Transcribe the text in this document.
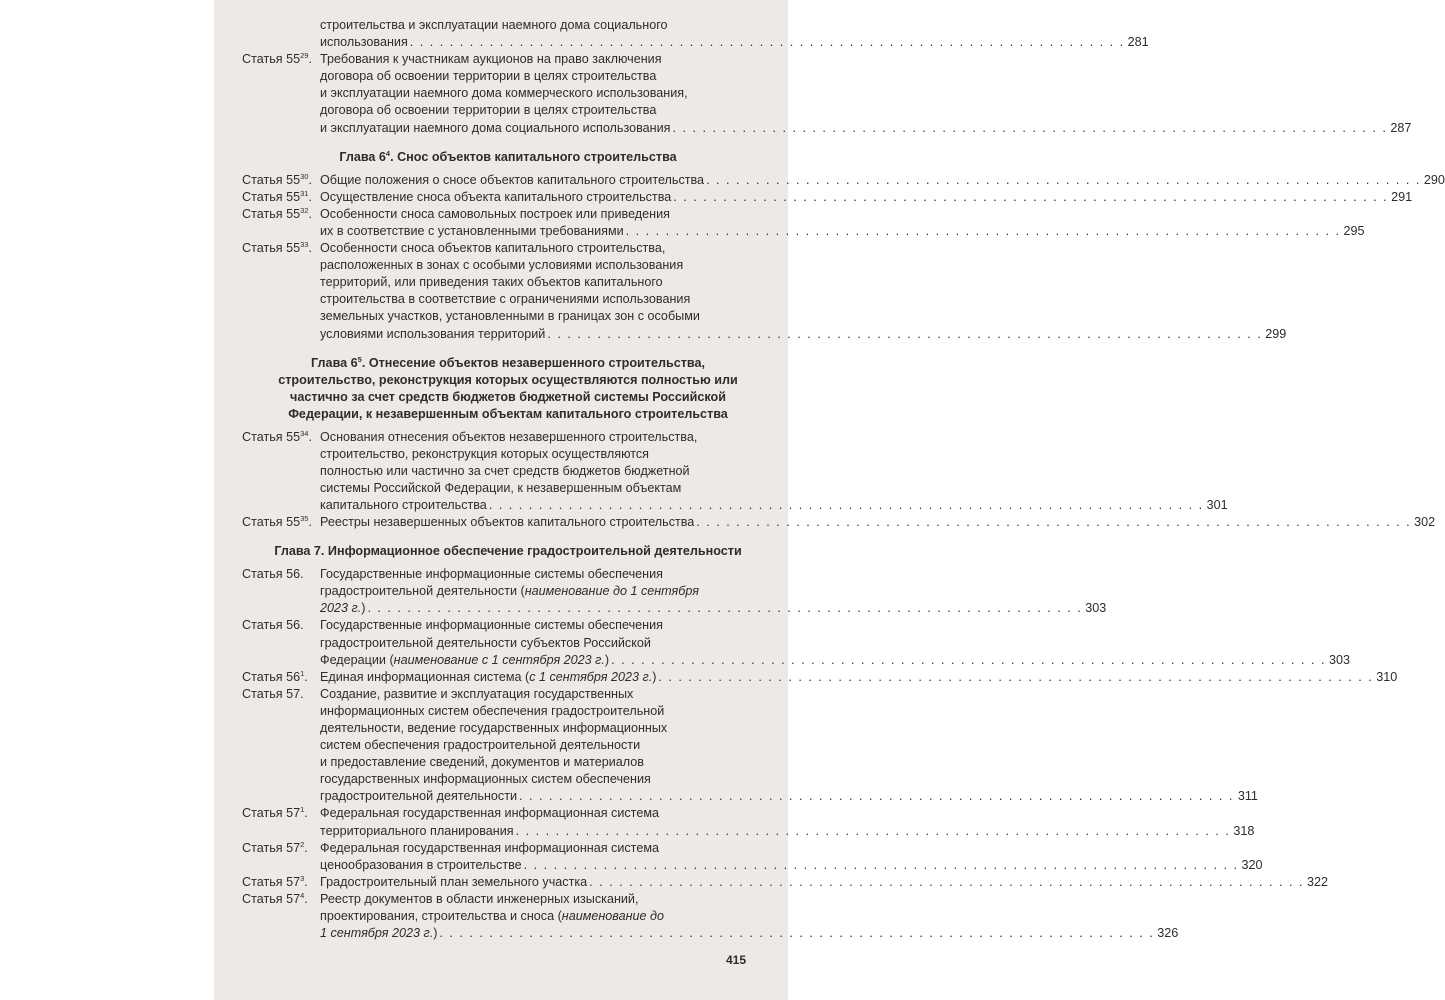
строительства и эксплуатации наемного дома социального
использования . . . . . . . . . . . . . . . . . . . . . . . . . . . . . . . . . . . . . . . . . . . . . . . . . . . . . . . . . . . . . . . . . . . . . . . . 281
Статья $55^{29}$. Требования к участникам аукционов на право заключения
договора об освоении территории в целях строительства
и эксплуатации наемного дома коммерческого использования,
договора об освоении территории в целях строительства
и эксплуатации наемного дома социального использования . . . . . . . . . . . . . . . . . . . . . . . . . . . . . . . . . . . . . . . . . . . . . . . . . . . . . . . . . . . . . . . . . . . . . . . . 287
Глава $6^4$. Снос объектов капитального строительства
Статья $55^{30}$. Общие положения о сносе объектов капитального строительства . . . . . . . . . . . . . . . . . . . . . . . . . . . . . . . . . . . . . . . . . . . . . . . . . . . . . . . . . . . . . . . . . . . . . . . . 290
Статья $55^{31}$. Осуществление сноса объекта капитального строительства . . . . . . . . . . . . . . . . . . . . . . . . . . . . . . . . . . . . . . . . . . . . . . . . . . . . . . . . . . . . . . . . . . . . . . . . 291
Статья $55^{32}$. Особенности сноса самовольных построек или приведения
их в соответствие с установленными требованиями . . . . . . . . . . . . . . . . . . . . . . . . . . . . . . . . . . . . . . . . . . . . . . . . . . . . . . . . . . . . . . . . . . . . . . . . 295
Статья $55^{33}$. Особенности сноса объектов капитального строительства,
расположенных в зонах с особыми условиями использования
территорий, или приведения таких объектов капитального
строительства в соответствие с ограничениями использования
земельных участков, установленными в границах зон с особыми
условиями использования территорий . . . . . . . . . . . . . . . . . . . . . . . . . . . . . . . . . . . . . . . . . . . . . . . . . . . . . . . . . . . . . . . . . . . . . . . . 299
Глава $6^5$. Отнесение объектов незавершенного строительства,
строительство, реконструкция которых осуществляются полностью или
частично за счет средств бюджетов бюджетной системы Российской
Федерации, к незавершенным объектам капитального строительства
Статья $55^{34}$. Основания отнесения объектов незавершенного строительства,
строительство, реконструкция которых осуществляются
полностью или частично за счет средств бюджетов бюджетной
системы Российской Федерации, к незавершенным объектам
капитального строительства . . . . . . . . . . . . . . . . . . . . . . . . . . . . . . . . . . . . . . . . . . . . . . . . . . . . . . . . . . . . . . . . . . . . . . . . 301
Статья $55^{35}$. Реестры незавершенных объектов капитального строительства . . . . . . . . . . . . . . . . . . . . . . . . . . . . . . . . . . . . . . . . . . . . . . . . . . . . . . . . . . . . . . . . . . . . . . . . 302
Глава 7. Информационное обеспечение градостроительной деятельности
Статья 56.	Государственные информационные системы обеспечения
градостроительной деятельности (наименование до 1 сентября
2023 г.) . . . . . . . . . . . . . . . . . . . . . . . . . . . . . . . . . . . . . . . . . . . . . . . . . . . . . . . . . . . . . . . . . . . . . . . . 303
Статья 56.	Государственные информационные системы обеспечения
градостроительной деятельности субъектов Российской
Федерации (наименование с 1 сентября 2023 г.) . . . . . . . . . . . . . . . . . . . . . . . . . . . . . . . . . . . . . . . . . . . . . . . . . . . . . . . . . . . . . . . . . . . . . . . . 303
Статья $56^1$. Единая информационная система (с 1 сентября 2023 г.) . . . . . . . . . . . . . . . . . . . . . . . . . . . . . . . . . . . . . . . . . . . . . . . . . . . . . . . . . . . . . . . . . . . . . . . . 310
Статья 57.	Создание, развитие и эксплуатация государственных
информационных систем обеспечения градостроительной
деятельности, ведение государственных информационных
систем обеспечения градостроительной деятельности
и предоставление сведений, документов и материалов
государственных информационных систем обеспечения
градостроительной деятельности . . . . . . . . . . . . . . . . . . . . . . . . . . . . . . . . . . . . . . . . . . . . . . . . . . . . . . . . . . . . . . . . . . . . . . . . 311
Статья $57^1$. Федеральная государственная информационная система
территориального планирования . . . . . . . . . . . . . . . . . . . . . . . . . . . . . . . . . . . . . . . . . . . . . . . . . . . . . . . . . . . . . . . . . . . . . . . . 318
Статья $57^2$. Федеральная государственная информационная система
ценообразования в строительстве . . . . . . . . . . . . . . . . . . . . . . . . . . . . . . . . . . . . . . . . . . . . . . . . . . . . . . . . . . . . . . . . . . . . . . . . 320
Статья $57^3$. Градостроительный план земельного участка . . . . . . . . . . . . . . . . . . . . . . . . . . . . . . . . . . . . . . . . . . . . . . . . . . . . . . . . . . . . . . . . . . . . . . . . 322
Статья $57^4$. Реестр документов в области инженерных изысканий,
проектирования, строительства и сноса (наименование до
1 сентября 2023 г.) . . . . . . . . . . . . . . . . . . . . . . . . . . . . . . . . . . . . . . . . . . . . . . . . . . . . . . . . . . . . . . . . . . . . . . . . 326
415
